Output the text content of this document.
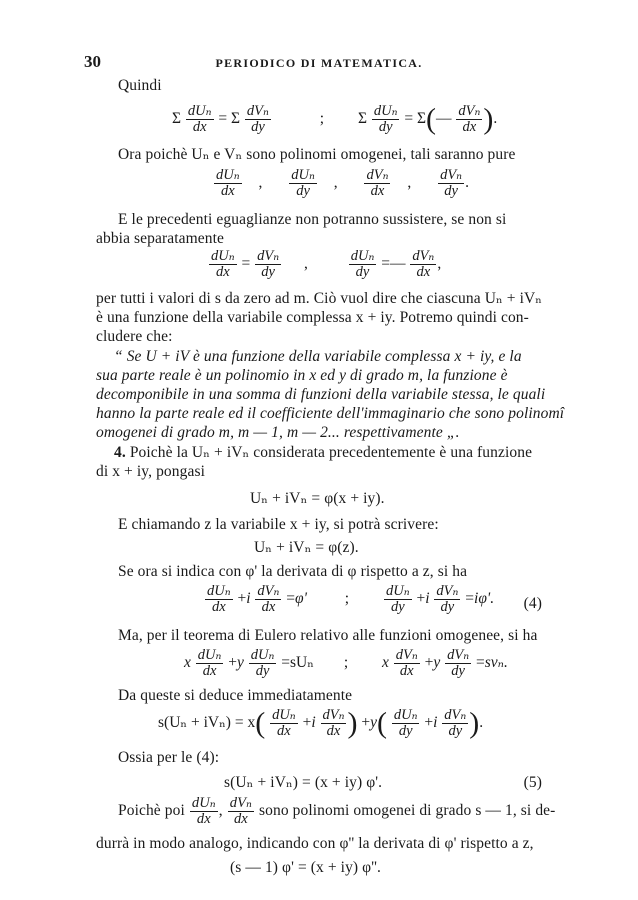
30	PERIODICO DI MATEMATICA.
Quindi
Σ dUₙ
dx = Σ dVₙ
dy	; Σ dUₙ
dy = Σ(— dVₙ
dx ).
Ora poichè Uₙ e Vₙ sono polinomi omogenei, tali saranno pure
dUₙ
dx	, dUₙ
dy	, dVₙ
dx	, dVₙ
dy .
E le precedenti eguaglianze non potranno sussistere, se non si
abbia separatamente
dUₙ
dx = dVₙ
dy	,	dUₙ
dy =— dVₙ
dx ,
per tutti i valori di s da zero ad m. Ciò vuol dire che ciascuna Uₙ + iVₙ
è una funzione della variabile complessa x + iy. Potremo quindi con-
cludere che:
“ Se U + iV è una funzione della variabile complessa x + iy, e la
sua parte reale è un polinomio in x ed y di grado m, la funzione è
decomponibile in una somma di funzioni della variabile stessa, le quali
hanno la parte reale ed il coefficiente dell'immaginario che sono polinomî
omogenei di grado m, m — 1, m — 2... respettivamente „.
4. Poichè la Uₙ + iVₙ considerata precedentemente è una funzione
di x + iy, pongasi
Uₙ + iVₙ = φ(x + iy).
E chiamando z la variabile x + iy, si potrà scrivere:
Uₙ + iVₙ = φ(z).
Se ora si indica con φ' la derivata di φ rispetto a z, si ha
dUₙ
dx +i dVₙ
dx =φ' ;	dUₙ
dy +i dVₙ
dy =iφ'. (4)
Ma, per il teorema di Eulero relativo alle funzioni omogenee, si ha
x dUₙ
dx +y dUₙ
dy =sUₙ ; x dVₙ
dx +y dVₙ
dy =svₙ.
Da queste si deduce immediatamente
s(Uₙ + iVₙ) = x( dUₙ
dx +i dVₙ
dx ) +y( dUₙ
dy +i dVₙ
dy ).
Ossia per le (4):
s(Uₙ + iVₙ) = (x + iy) φ'.	(5)
Poichè poi dUₙ
dx , dVₙ
dx sono polinomi omogenei di grado s — 1, si de-
durrà in modo analogo, indicando con φ'' la derivata di φ' rispetto a z,
(s — 1) φ' = (x + iy) φ''.
